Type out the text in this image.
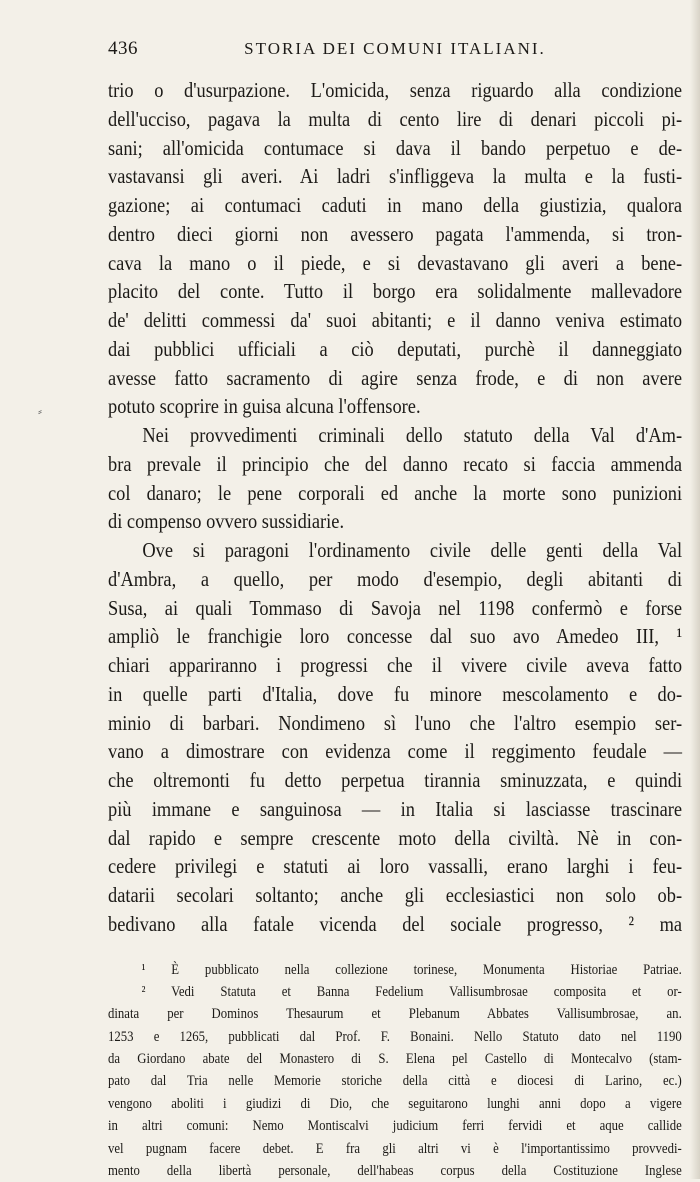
⸗
436	STORIA DEI COMUNI ITALIANI.
trio o d'usurpazione. L'omicida, senza riguardo alla condizione
dell'ucciso, pagava la multa di cento lire di denari piccoli pi-
sani; all'omicida contumace si dava il bando perpetuo e de-
vastavansi gli averi. Ai ladri s'infliggeva la multa e la fusti-
gazione; ai contumaci caduti in mano della giustizia, qualora
dentro dieci giorni non avessero pagata l'ammenda, si tron-
cava la mano o il piede, e si devastavano gli averi a bene-
placito del conte. Tutto il borgo era solidalmente mallevadore
de' delitti commessi da' suoi abitanti; e il danno veniva estimato
dai pubblici ufficiali a ciò deputati, purchè il danneggiato
avesse fatto sacramento di agire senza frode, e di non avere
potuto scoprire in guisa alcuna l'offensore.
Nei provvedimenti criminali dello statuto della Val d'Am-
bra prevale il principio che del danno recato si faccia ammenda
col danaro; le pene corporali ed anche la morte sono punizioni
di compenso ovvero sussidiarie.
Ove si paragoni l'ordinamento civile delle genti della Val
d'Ambra, a quello, per modo d'esempio, degli abitanti di
Susa, ai quali Tommaso di Savoja nel 1198 confermò e forse
ampliò le franchigie loro concesse dal suo avo Amedeo III, ¹
chiari appariranno i progressi che il vivere civile aveva fatto
in quelle parti d'Italia, dove fu minore mescolamento e do-
minio di barbari. Nondimeno sì l'uno che l'altro esempio ser-
vano a dimostrare con evidenza come il reggimento feudale —
che oltremonti fu detto perpetua tirannia sminuzzata, e quindi
più immane e sanguinosa — in Italia si lasciasse trascinare
dal rapido e sempre crescente moto della civiltà. Nè in con-
cedere privilegi e statuti ai loro vassalli, erano larghi i feu-
datarii secolari soltanto; anche gli ecclesiastici non solo ob-
bedivano alla fatale vicenda del sociale progresso, ² ma
¹ È pubblicato nella collezione torinese, Monumenta Historiae Patriae.
² Vedi Statuta et Banna Fedelium Vallisumbrosae composita et or-
dinata per Dominos Thesaurum et Plebanum Abbates Vallisumbrosae, an.
1253 e 1265, pubblicati dal Prof. F. Bonaini. Nello Statuto dato nel 1190
da Giordano abate del Monastero di S. Elena pel Castello di Montecalvo (stam-
pato dal Tria nelle Memorie storiche della città e diocesi di Larino, ec.)
vengono aboliti i giudizi di Dio, che seguitarono lunghi anni dopo a vigere
in altri comuni: Nemo Montiscalvi judicium ferri fervidi et aque callide
vel pugnam facere debet. E fra gli altri vi è l'importantissimo provvedi-
mento della libertà personale, dell'habeas corpus della Costituzione Inglese
